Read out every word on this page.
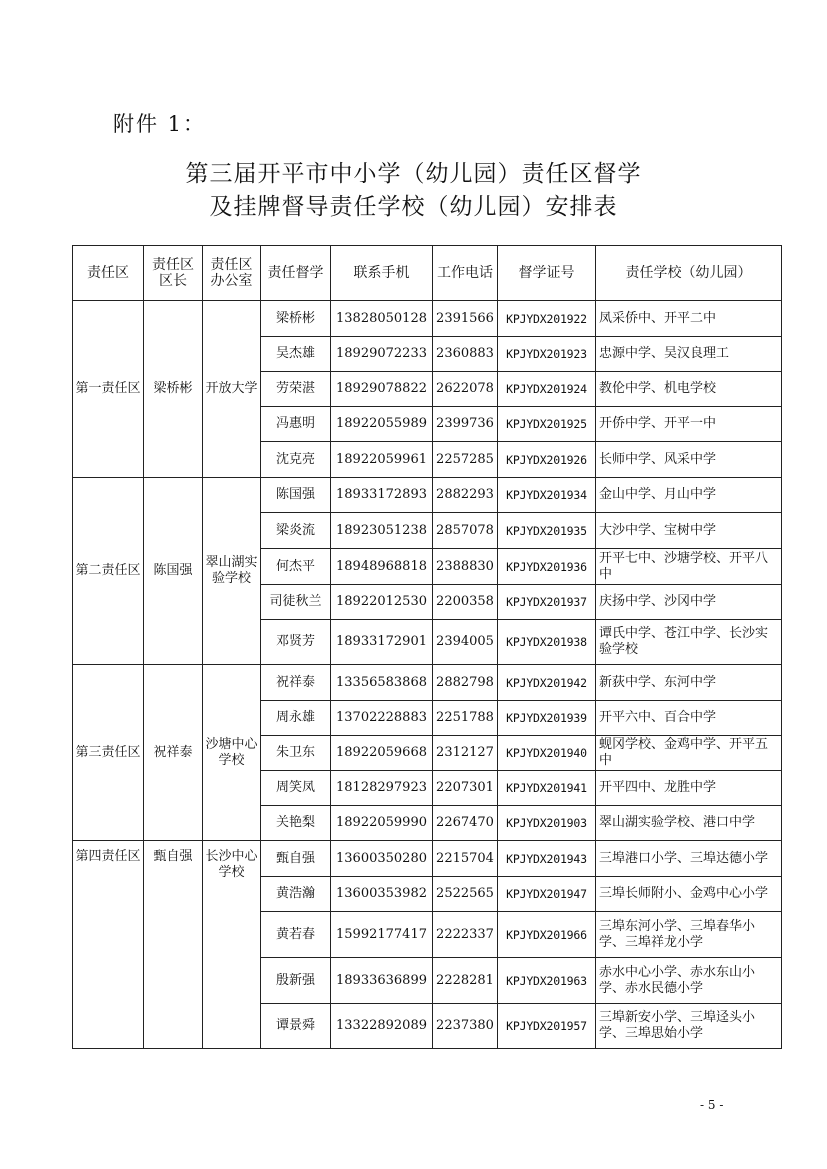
附件 1：
第三届开平市中小学（幼儿园）责任区督学
及挂牌督导责任学校（幼儿园）安排表
责任区	责任区区长	责任区办公室	责任督学	联系手机	工作电话	督学证号	责任学校（幼儿园）
第一责任区	梁桥彬	开放大学	梁桥彬	13828050128	2391566	KPJYDX201922	凤采侨中、开平二中
			吴杰雄	18929072233	2360883	KPJYDX201923	忠源中学、吴汉良理工
			劳荣湛	18929078822	2622078	KPJYDX201924	教伦中学、机电学校
			冯惠明	18922055989	2399736	KPJYDX201925	开侨中学、开平一中
			沈克亮	18922059961	2257285	KPJYDX201926	长师中学、风采中学
第二责任区	陈国强	翠山湖实验学校	陈国强	18933172893	2882293	KPJYDX201934	金山中学、月山中学
			梁炎流	18923051238	2857078	KPJYDX201935	大沙中学、宝树中学
			何杰平	18948968818	2388830	KPJYDX201936	开平七中、沙塘学校、开平八中
			司徒秋兰	18922012530	2200358	KPJYDX201937	庆扬中学、沙冈中学
			邓贤芳	18933172901	2394005	KPJYDX201938	谭氏中学、苍江中学、长沙实验学校
第三责任区	祝祥泰	沙塘中心学校	祝祥泰	13356583868	2882798	KPJYDX201942	新荻中学、东河中学
			周永雄	13702228883	2251788	KPJYDX201939	开平六中、百合中学
			朱卫东	18922059668	2312127	KPJYDX201940	蚬冈学校、金鸡中学、开平五中
			周笑凤	18128297923	2207301	KPJYDX201941	开平四中、龙胜中学
			关艳梨	18922059990	2267470	KPJYDX201903	翠山湖实验学校、港口中学
第四责任区	甄自强	长沙中心学校	甄自强	13600350280	2215704	KPJYDX201943	三埠港口小学、三埠达德小学
			黄浩瀚	13600353982	2522565	KPJYDX201947	三埠长师附小、金鸡中心小学
			黄若春	15992177417	2222337	KPJYDX201966	三埠东河小学、三埠春华小学、三埠祥龙小学
			殷新强	18933636899	2228281	KPJYDX201963	赤水中心小学、赤水东山小学、赤水民德小学
			谭景舜	13322892089	2237380	KPJYDX201957	三埠新安小学、三埠迳头小学、三埠思始小学
- 5 -
